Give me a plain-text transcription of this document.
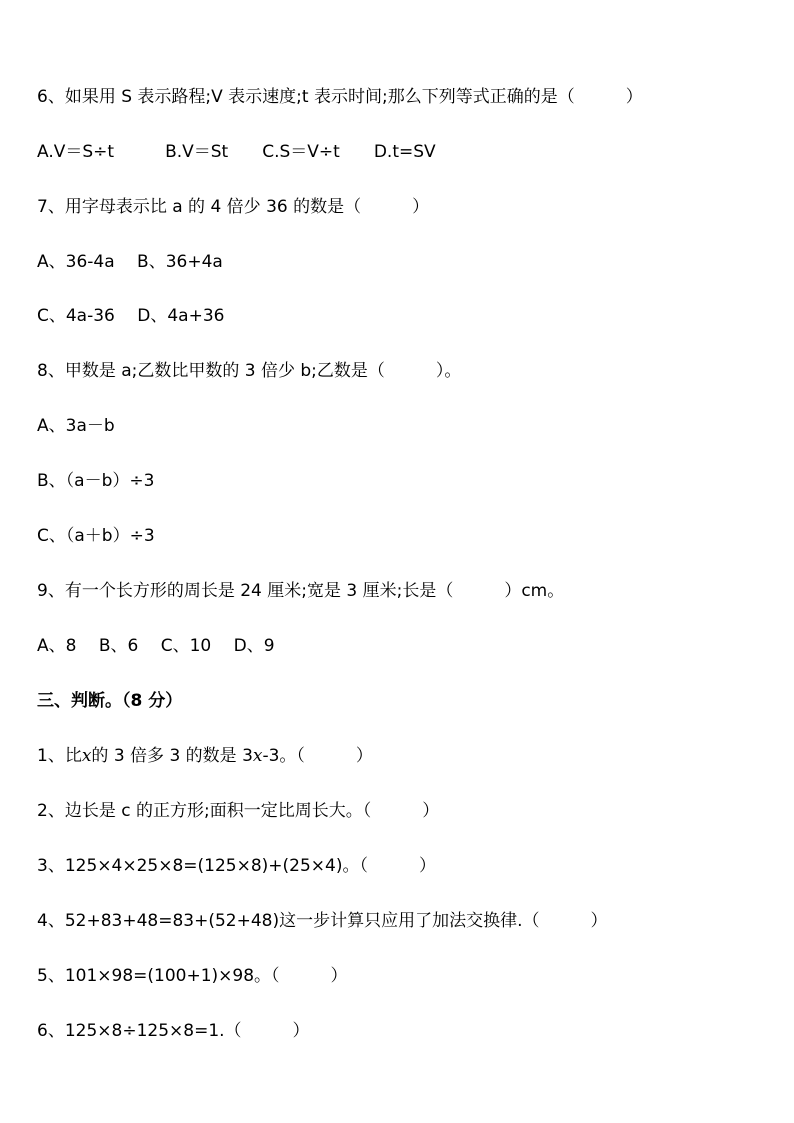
6、如果用 S 表示路程;V 表示速度;t 表示时间;那么下列等式正确的是（　　　）
A.V＝S÷t　　　B.V＝St　　C.S＝V÷t　　D.t=SV
7、用字母表示比 a 的 4 倍少 36 的数是（　　　）
A、36-4a　 B、36+4a
C、4a-36　 D、4a+36
8、甲数是 a;乙数比甲数的 3 倍少 b;乙数是（　　　）。
A、3a－b
B、（a－b）÷3
C、（a＋b）÷3
9、有一个长方形的周长是 24 厘米;宽是 3 厘米;长是（　　　）cm。
A、8　 B、6　 C、10　 D、9
三、判断。（8 分）
1、比x的 3 倍多 3 的数是 3x-3。（　　　）
2、边长是 c 的正方形;面积一定比周长大。（　　　）
3、125×4×25×8=(125×8)+(25×4)。（　　　）
4、52+83+48=83+(52+48)这一步计算只应用了加法交换律.（　　　）
5、101×98=(100+1)×98。（　　　）
6、125×8÷125×8=1.（　　　）
